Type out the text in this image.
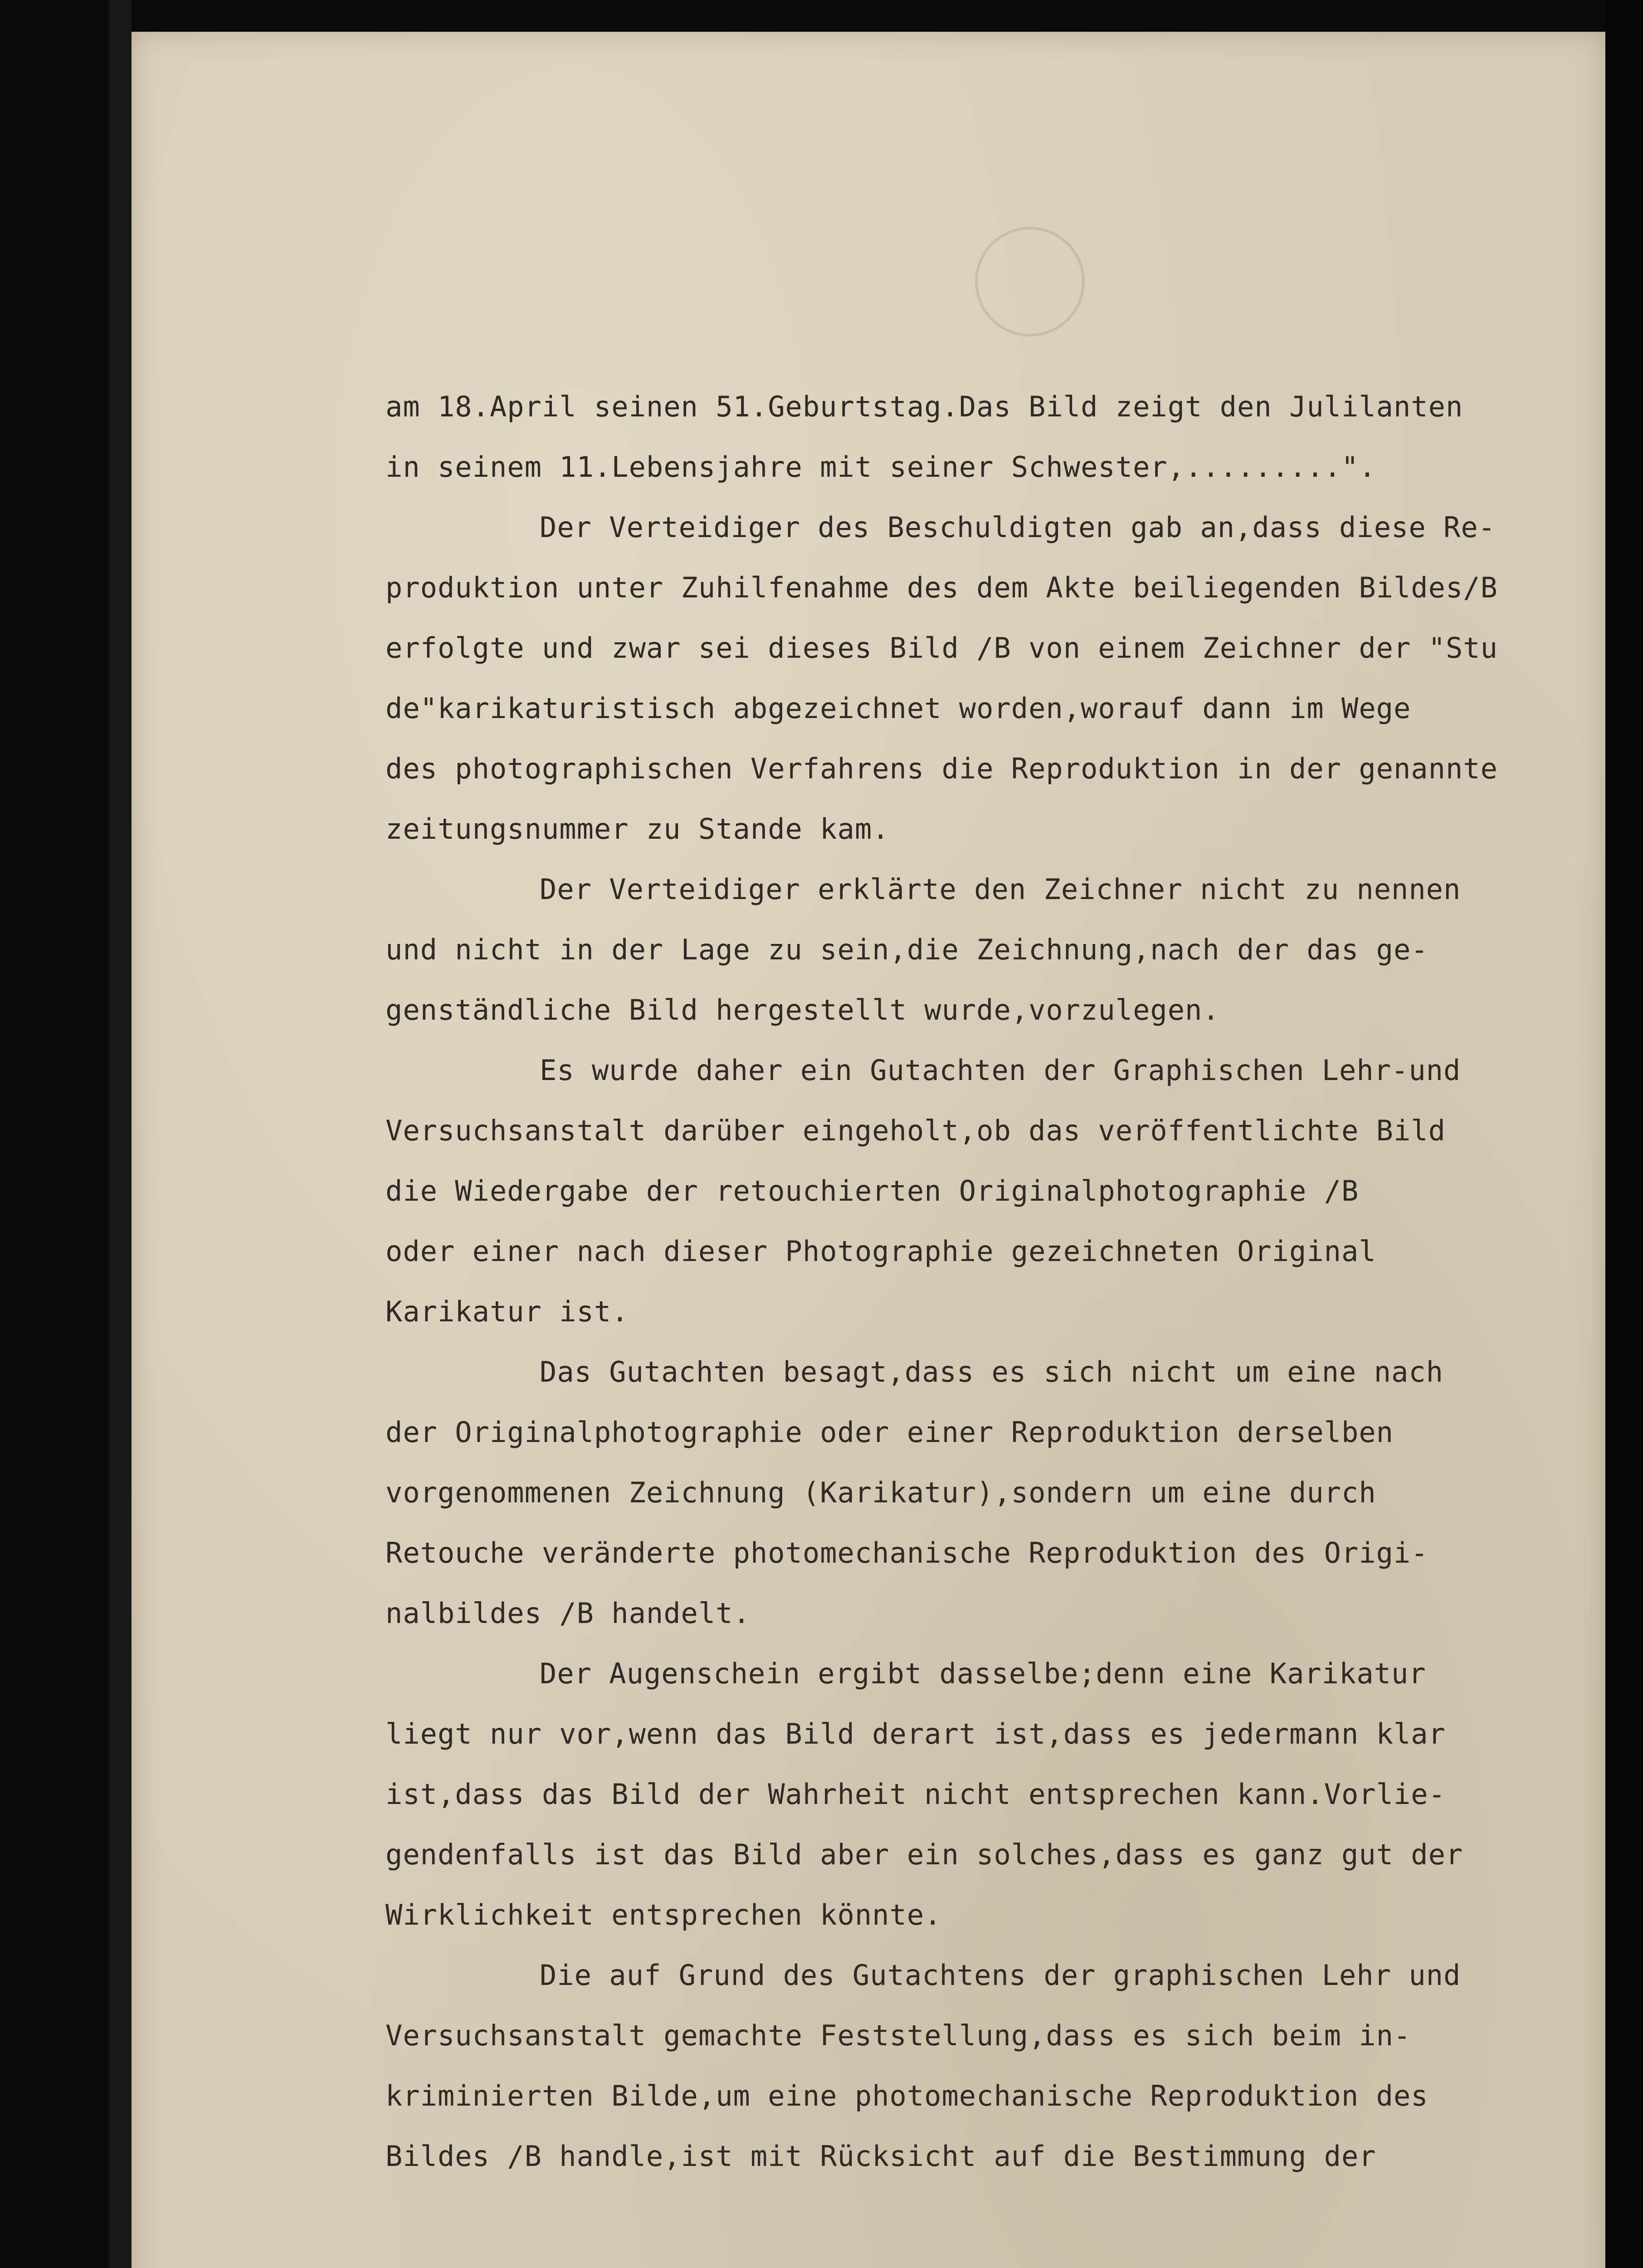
am 18.April seinen 51.Geburtstag.Das Bild zeigt den Julilanten
in seinem 11.Lebensjahre mit seiner Schwester,.........".
Der Verteidiger des Beschuldigten gab an,dass diese Re-
produktion unter Zuhilfenahme des dem Akte beiliegenden Bildes/B
erfolgte und zwar sei dieses Bild /B von einem Zeichner der "Stu
de"karikaturistisch abgezeichnet worden,worauf dann im Wege
des photographischen Verfahrens die Reproduktion in der genannte
zeitungsnummer zu Stande kam.
Der Verteidiger erklärte den Zeichner nicht zu nennen
und nicht in der Lage zu sein,die Zeichnung,nach der das ge-
genständliche Bild hergestellt wurde,vorzulegen.
Es wurde daher ein Gutachten der Graphischen Lehr-und
Versuchsanstalt darüber eingeholt,ob das veröffentlichte Bild
die Wiedergabe der retouchierten Originalphotographie /B
oder einer nach dieser Photographie gezeichneten Original
Karikatur ist.
Das Gutachten besagt,dass es sich nicht um eine nach
der Originalphotographie oder einer Reproduktion derselben
vorgenommenen Zeichnung (Karikatur),sondern um eine durch
Retouche veränderte photomechanische Reproduktion des Origi-
nalbildes /B handelt.
Der Augenschein ergibt dasselbe;denn eine Karikatur
liegt nur vor,wenn das Bild derart ist,dass es jedermann klar
ist,dass das Bild der Wahrheit nicht entsprechen kann.Vorlie-
gendenfalls ist das Bild aber ein solches,dass es ganz gut der
Wirklichkeit entsprechen könnte.
Die auf Grund des Gutachtens der graphischen Lehr und
Versuchsanstalt gemachte Feststellung,dass es sich beim in-
kriminierten Bilde,um eine photomechanische Reproduktion des
Bildes /B handle,ist mit Rücksicht auf die Bestimmung der
